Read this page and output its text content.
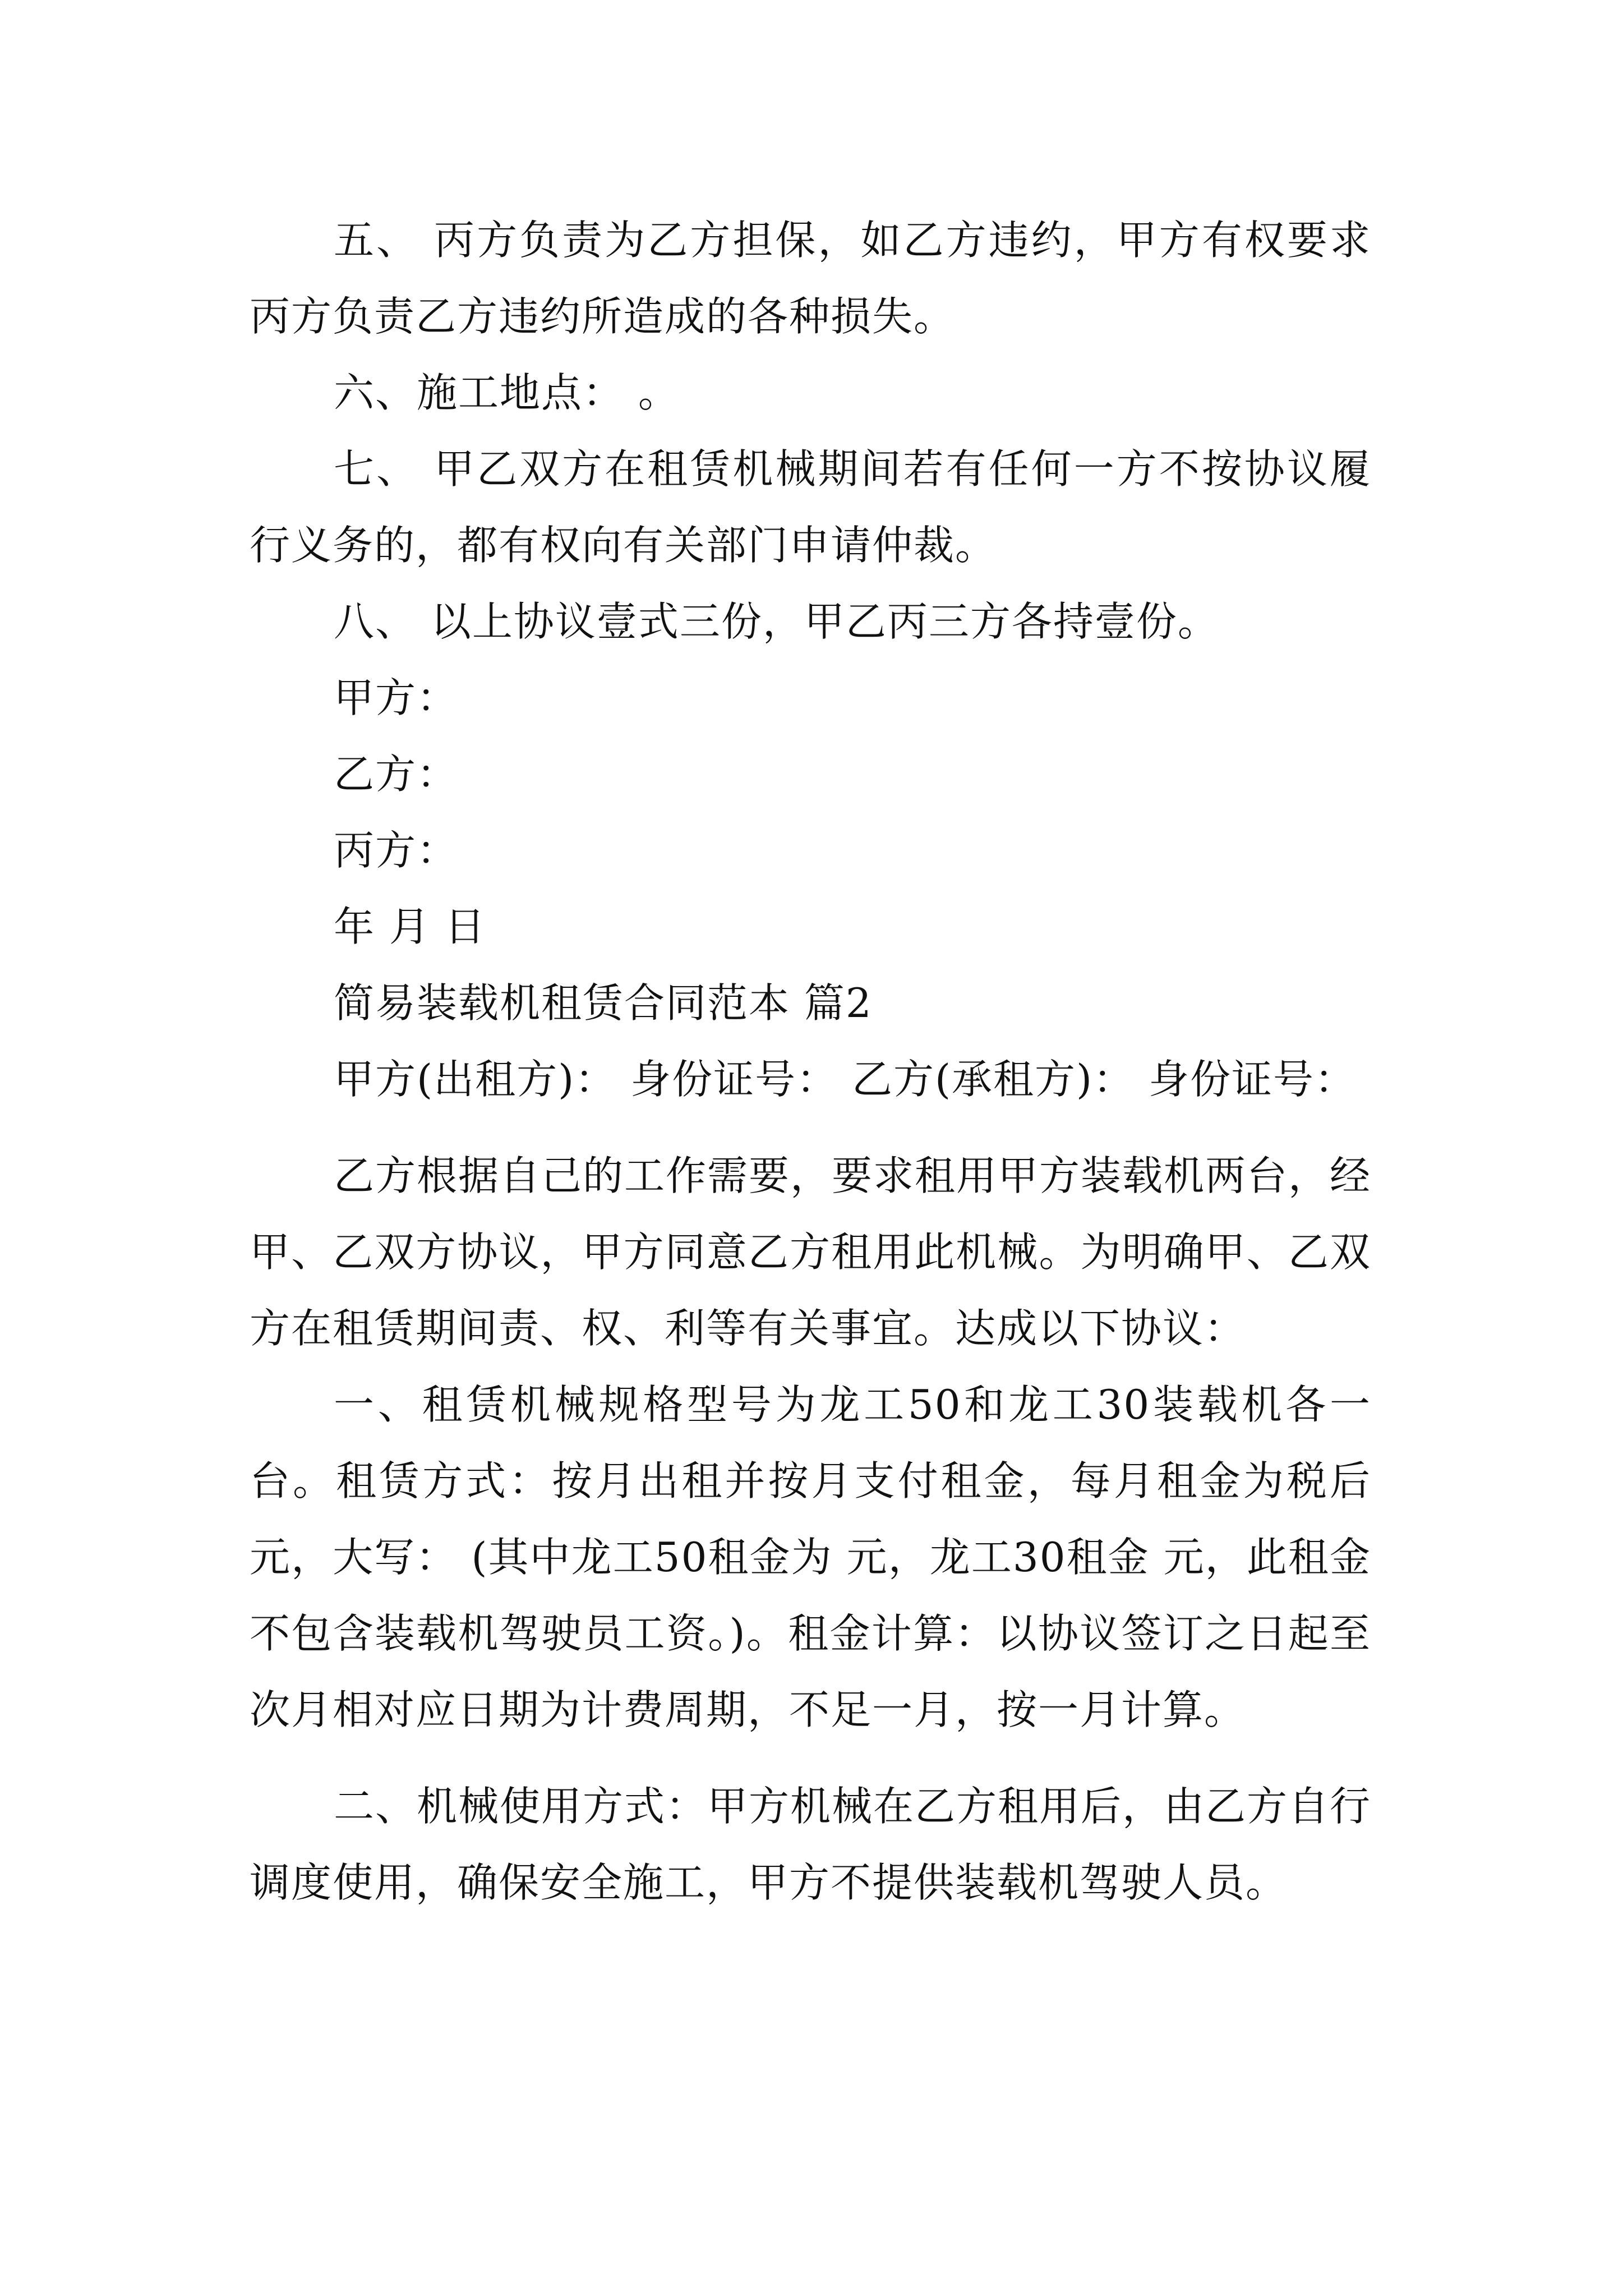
五、 丙方负责为乙方担保，如乙方违约，甲方有权要求丙方负责乙方违约所造成的各种损失。

六、施工地点： 。

七、 甲乙双方在租赁机械期间若有任何一方不按协议履行义务的，都有权向有关部门申请仲裁。

八、 以上协议壹式三份，甲乙丙三方各持壹份。

甲方：

乙方：

丙方：

年 月 日

简易装载机租赁合同范本 篇2

甲方(出租方)： 身份证号： 乙方(承租方)： 身份证号：

乙方根据自己的工作需要，要求租用甲方装载机两台，经甲、乙双方协议，甲方同意乙方租用此机械。为明确甲、乙双方在租赁期间责、权、利等有关事宜。达成以下协议：

一、租赁机械规格型号为龙工50和龙工30装载机各一台。租赁方式：按月出租并按月支付租金，每月租金为税后 元，大写： (其中龙工50租金为 元，龙工30租金 元，此租金不包含装载机驾驶员工资。)。租金计算：以协议签订之日起至次月相对应日期为计费周期，不足一月，按一月计算。

二、机械使用方式：甲方机械在乙方租用后，由乙方自行调度使用，确保安全施工，甲方不提供装载机驾驶人员。
